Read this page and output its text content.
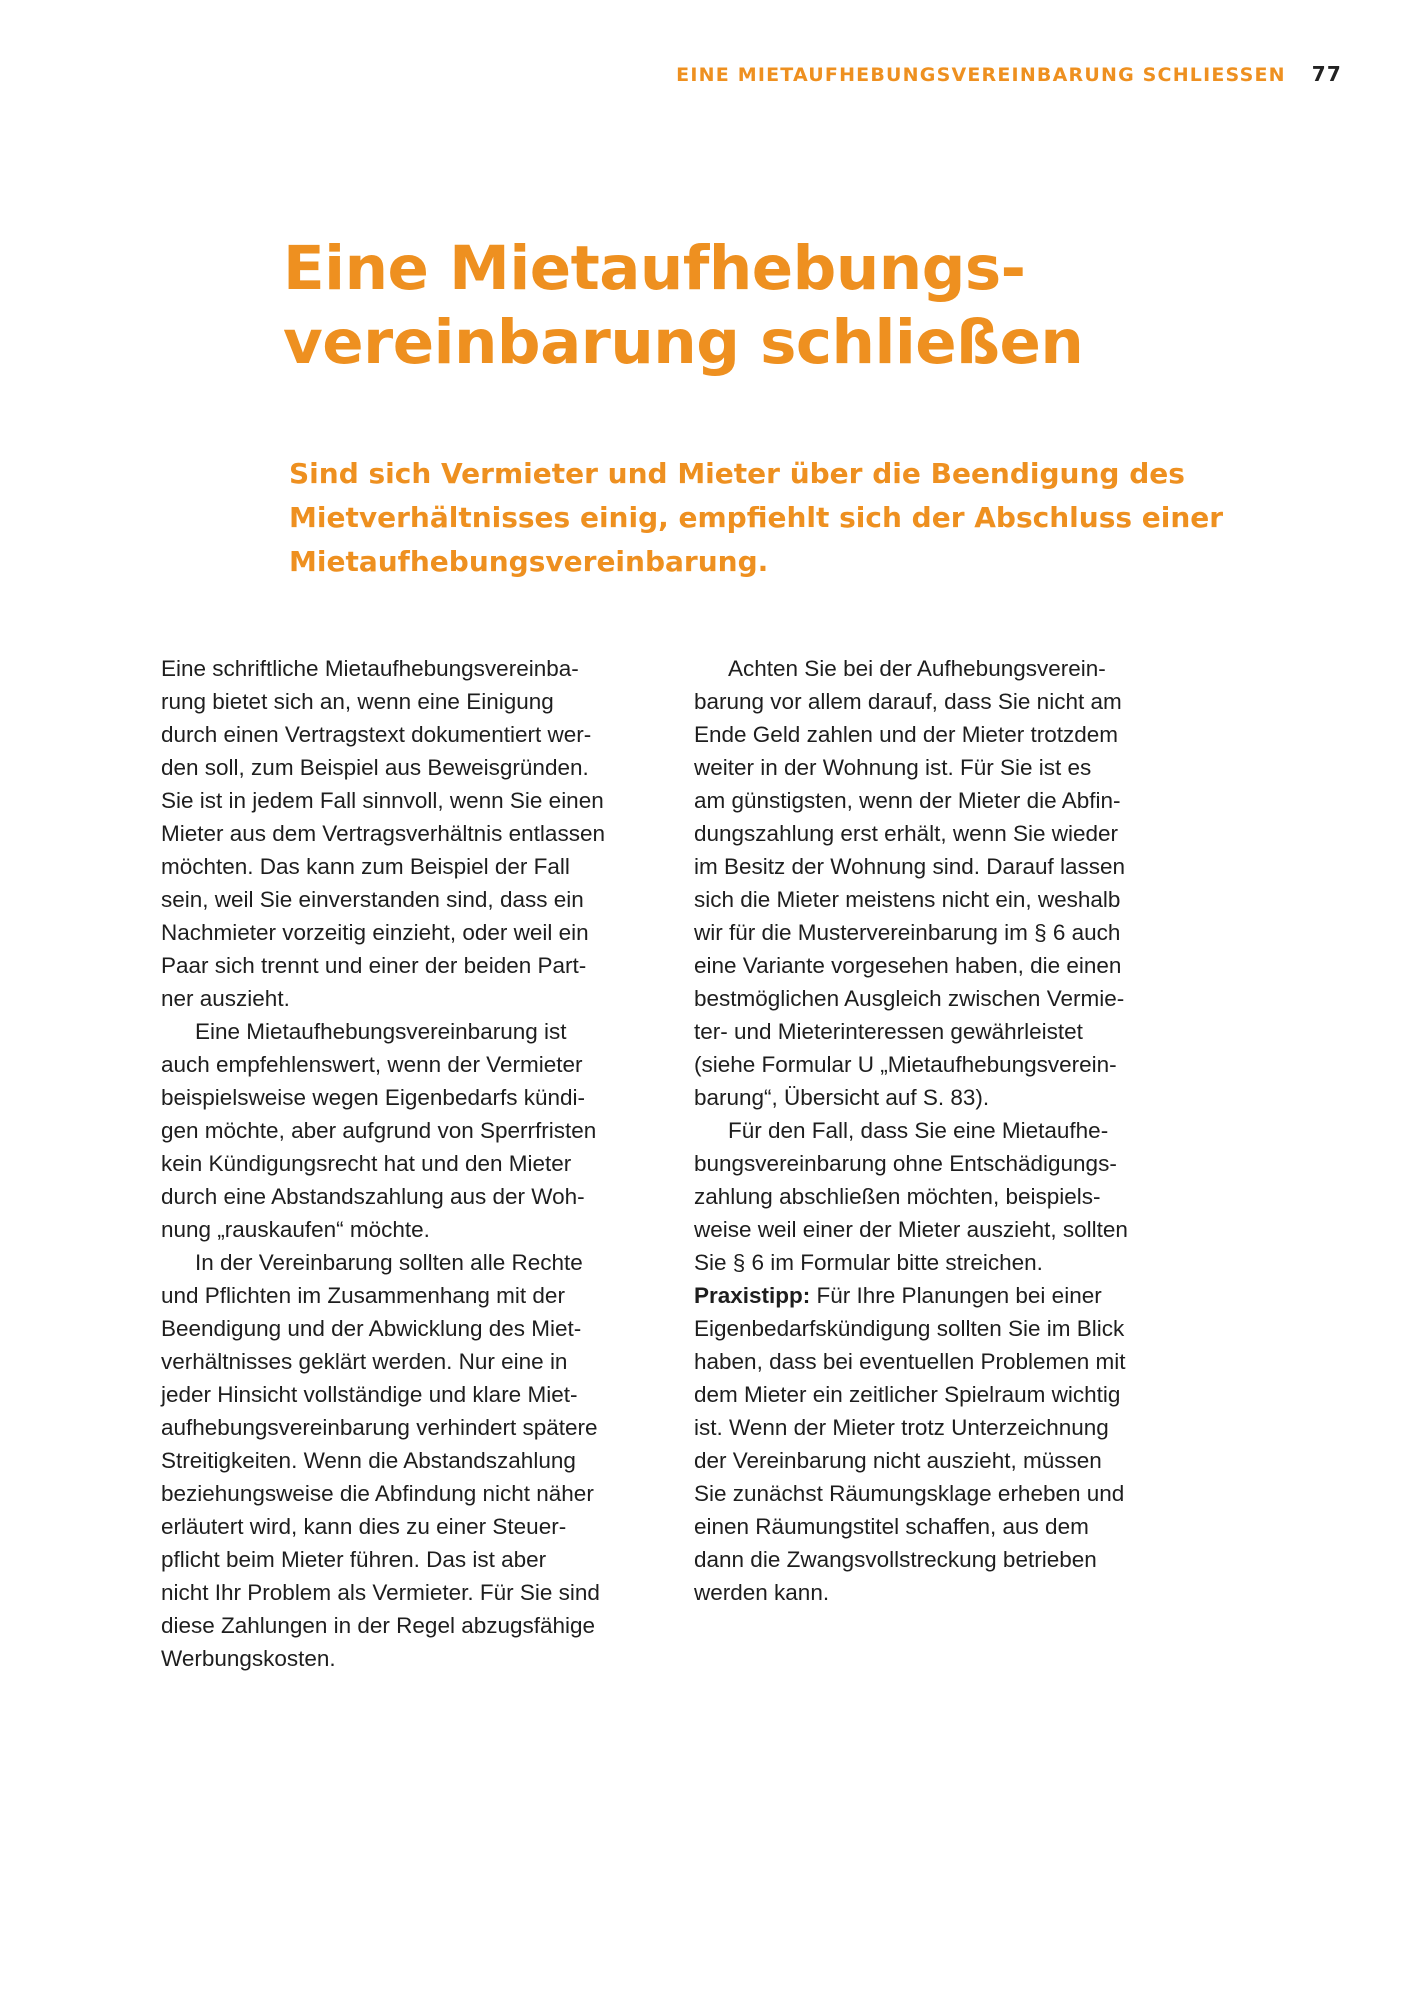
EINE MIETAUFHEBUNGSVEREINBARUNG SCHLIESSEN 77
Eine Mietaufhebungs-
vereinbarung schließen

Sind sich Vermieter und Mieter über die Beendigung des
Mietverhältnisses einig, empfiehlt sich der Abschluss einer
Mietaufhebungsvereinbarung.

Eine schriftliche Mietaufhebungsvereinba-
rung bietet sich an, wenn eine Einigung
durch einen Vertragstext dokumentiert wer-
den soll, zum Beispiel aus Beweisgründen.
Sie ist in jedem Fall sinnvoll, wenn Sie einen
Mieter aus dem Vertragsverhältnis entlassen
möchten. Das kann zum Beispiel der Fall
sein, weil Sie einverstanden sind, dass ein
Nachmieter vorzeitig einzieht, oder weil ein
Paar sich trennt und einer der beiden Part-
ner auszieht.
Eine Mietaufhebungsvereinbarung ist
auch empfehlenswert, wenn der Vermieter
beispielsweise wegen Eigenbedarfs kündi-
gen möchte, aber aufgrund von Sperrfristen
kein Kündigungsrecht hat und den Mieter
durch eine Abstandszahlung aus der Woh-
nung „rauskaufen“ möchte.
In der Vereinbarung sollten alle Rechte
und Pflichten im Zusammenhang mit der
Beendigung und der Abwicklung des Miet-
verhältnisses geklärt werden. Nur eine in
jeder Hinsicht vollständige und klare Miet-
aufhebungsvereinbarung verhindert spätere
Streitigkeiten. Wenn die Abstandszahlung
beziehungsweise die Abfindung nicht näher
erläutert wird, kann dies zu einer Steuer-
pflicht beim Mieter führen. Das ist aber
nicht Ihr Problem als Vermieter. Für Sie sind
diese Zahlungen in der Regel abzugsfähige
Werbungskosten.
Achten Sie bei der Aufhebungsverein-
barung vor allem darauf, dass Sie nicht am
Ende Geld zahlen und der Mieter trotzdem
weiter in der Wohnung ist. Für Sie ist es
am günstigsten, wenn der Mieter die Abfin-
dungszahlung erst erhält, wenn Sie wieder
im Besitz der Wohnung sind. Darauf lassen
sich die Mieter meistens nicht ein, weshalb
wir für die Mustervereinbarung im § 6 auch
eine Variante vorgesehen haben, die einen
bestmöglichen Ausgleich zwischen Vermie-
ter- und Mieterinteressen gewährleistet
(siehe Formular U „Mietaufhebungsverein-
barung“, Übersicht auf S. 83).
Für den Fall, dass Sie eine Mietaufhe-
bungsvereinbarung ohne Entschädigungs-
zahlung abschließen möchten, beispiels-
weise weil einer der Mieter auszieht, sollten
Sie § 6 im Formular bitte streichen.
Praxistipp: Für Ihre Planungen bei einer
Eigenbedarfskündigung sollten Sie im Blick
haben, dass bei eventuellen Problemen mit
dem Mieter ein zeitlicher Spielraum wichtig
ist. Wenn der Mieter trotz Unterzeichnung
der Vereinbarung nicht auszieht, müssen
Sie zunächst Räumungsklage erheben und
einen Räumungstitel schaffen, aus dem
dann die Zwangsvollstreckung betrieben
werden kann.
